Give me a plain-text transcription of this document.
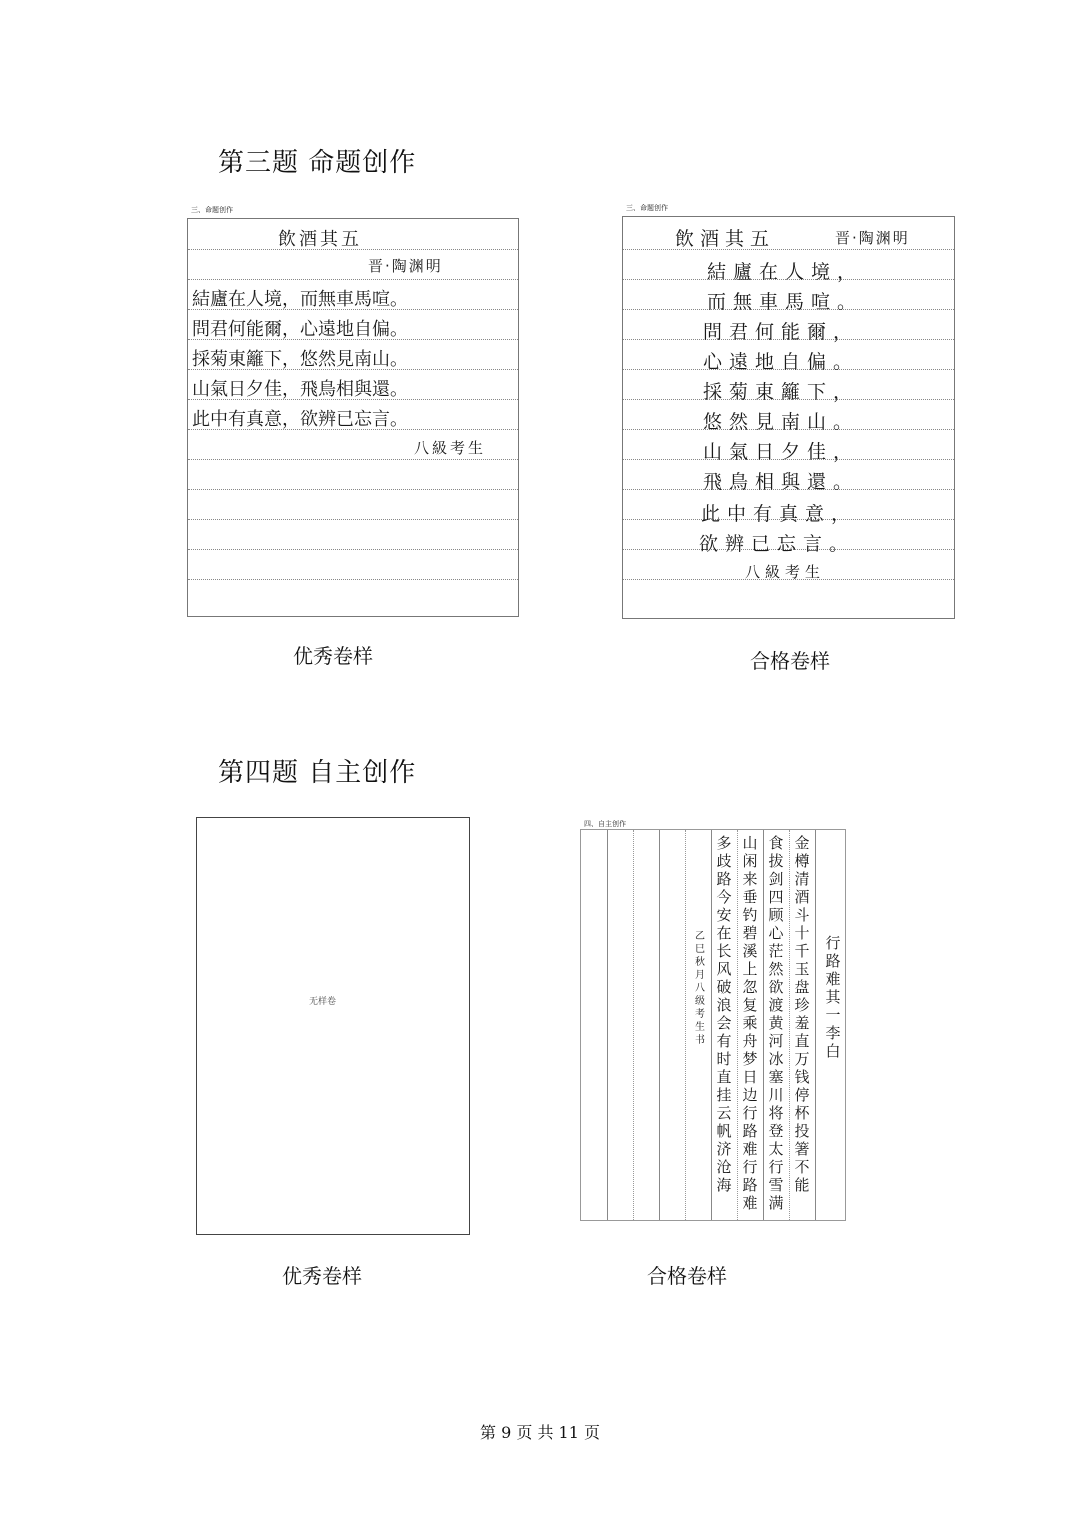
第三题 命题创作
三、命题创作
飲酒其五
晋·陶渊明
結廬在人境，而無車馬喧。
問君何能爾，心遠地自偏。
採菊東籬下，悠然見南山。
山氣日夕佳，飛鳥相與還。
此中有真意，欲辨已忘言。
八級考生
优秀卷样
三、命题创作
飲酒其五	晋·陶渊明
結廬在人境，
而無車馬喧。
問君何能爾，
心遠地自偏。
採菊東籬下，
悠然見南山。
山氣日夕佳，
飛鳥相與還。
此中有真意，
欲辨已忘言。
八級考生
合格卷样
第四题 自主创作
无样卷
优秀卷样
四、自主创作
行路难其一李白
金樽清酒斗十千玉盘珍羞直万钱停杯投箸不能
食拔剑四顾心茫然欲渡黄河冰塞川将登太行雪满
山闲来垂钓碧溪上忽复乘舟梦日边行路难行路难
多歧路今安在长风破浪会有时直挂云帆济沧海
乙巳秋月八级考生书
合格卷样
第 9 页 共 11 页
